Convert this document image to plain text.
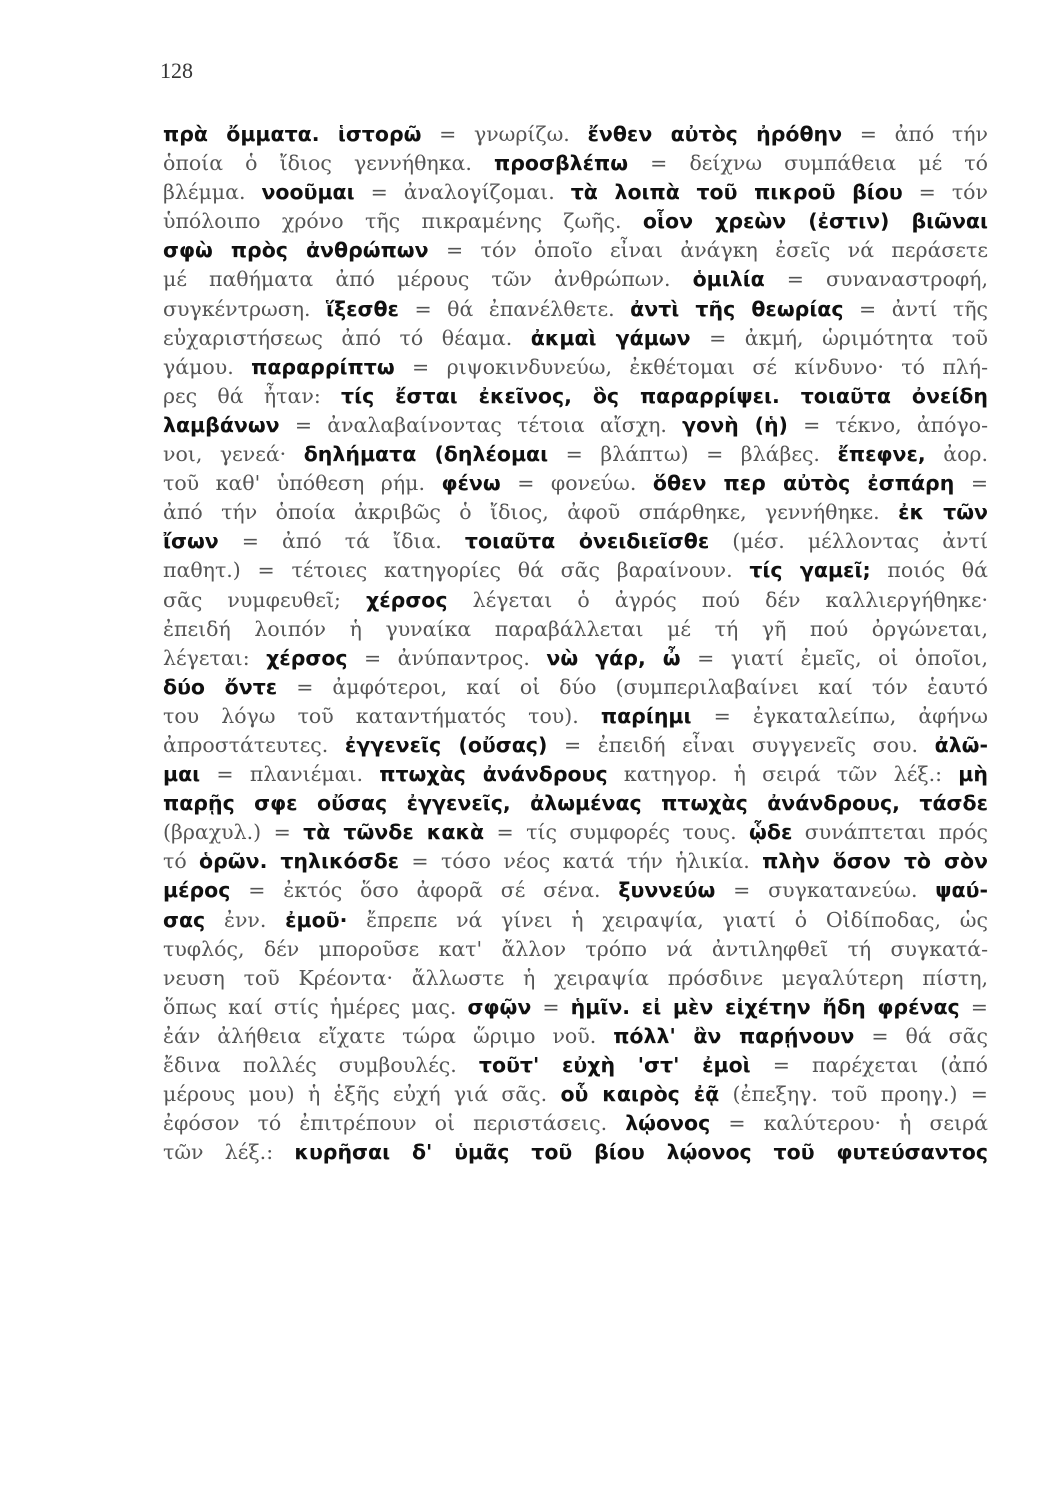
128
πρὰ ὄμματα. ἱστορῶ = γνωρίζω. ἔνθεν αὐτὸς ἠρόθην = ἀπό τήν
ὁποία ὁ ἴδιος γεννήθηκα. προσβλέπω = δείχνω συμπάθεια μέ τό
βλέμμα. νοοῦμαι = ἀναλογίζομαι. τὰ λοιπὰ τοῦ πικροῦ βίου = τόν
ὑπόλοιπο χρόνο τῆς πικραμένης ζωῆς. οἷον χρεὼν (ἐστιν) βιῶναι
σφὼ πρὸς ἀνθρώπων = τόν ὁποῖο εἶναι ἀνάγκη ἐσεῖς νά περάσετε
μέ παθήματα ἀπό μέρους τῶν ἀνθρώπων. ὁμιλία = συναναστροφή,
συγκέντρωση. ἵξεσθε = θά ἐπανέλθετε. ἀντὶ τῆς θεωρίας = ἀντί τῆς
εὐχαριστήσεως ἀπό τό θέαμα. ἀκμαὶ γάμων = ἀκμή, ὡριμότητα τοῦ
γάμου. παραρρίπτω = ριψοκινδυνεύω, ἐκθέτομαι σέ κίνδυνο· τό πλή-
ρες θά ἦταν: τίς ἔσται ἐκεῖνος, ὃς παραρρίψει. τοιαῦτα ὀνείδη
λαμβάνων = ἀναλαβαίνοντας τέτοια αἴσχη. γονὴ (ἡ) = τέκνο, ἀπόγο-
νοι, γενεά· δηλήματα (δηλέομαι = βλάπτω) = βλάβες. ἔπεφνε, ἀορ.
τοῦ καθ' ὑπόθεση ρήμ. φένω = φονεύω. ὅθεν περ αὐτὸς ἐσπάρη =
ἀπό τήν ὁποία ἀκριβῶς ὁ ἴδιος, ἀφοῦ σπάρθηκε, γεννήθηκε. ἐκ τῶν
ἴσων = ἀπό τά ἴδια. τοιαῦτα ὀνειδιεῖσθε (μέσ. μέλλοντας ἀντί
παθητ.) = τέτοιες κατηγορίες θά σᾶς βαραίνουν. τίς γαμεῖ; ποιός θά
σᾶς νυμφευθεῖ; χέρσος λέγεται ὁ ἀγρός πού δέν καλλιεργήθηκε·
ἐπειδή λοιπόν ἡ γυναίκα παραβάλλεται μέ τή γῆ πού ὀργώνεται,
λέγεται: χέρσος = ἀνύπαντρος. νὼ γάρ, ὦ = γιατί ἐμεῖς, οἱ ὁποῖοι,
δύο ὄντε = ἀμφότεροι, καί οἱ δύο (συμπεριλαβαίνει καί τόν ἑαυτό
του λόγω τοῦ καταντήματός του). παρίημι = ἐγκαταλείπω, ἀφήνω
ἀπροστάτευτες. ἐγγενεῖς (οὔσας) = ἐπειδή εἶναι συγγενεῖς σου. ἀλῶ-
μαι = πλανιέμαι. πτωχὰς ἀνάνδρους κατηγορ. ἡ σειρά τῶν λέξ.: μὴ
παρῇς σφε οὔσας ἐγγενεῖς, ἀλωμένας πτωχὰς ἀνάνδρους, τάσδε
(βραχυλ.) = τὰ τῶνδε κακὰ = τίς συμφορές τους. ᾧδε συνάπτεται πρός
τό ὁρῶν. τηλικόσδε = τόσο νέος κατά τήν ἡλικία. πλὴν ὅσον τὸ σὸν
μέρος = ἐκτός ὅσο ἀφορᾶ σέ σένα. ξυννεύω = συγκατανεύω. ψαύ-
σας ἐνν. ἐμοῦ· ἔπρεπε νά γίνει ἡ χειραψία, γιατί ὁ Οἰδίποδας, ὡς
τυφλός, δέν μποροῦσε κατ' ἄλλον τρόπο νά ἀντιληφθεῖ τή συγκατά-
νευση τοῦ Κρέοντα· ἄλλωστε ἡ χειραψία πρόσδινε μεγαλύτερη πίστη,
ὅπως καί στίς ἡμέρες μας. σφῷν = ἡμῖν. εἰ μὲν εἰχέτην ἤδη φρένας =
ἐάν ἀλήθεια εἴχατε τώρα ὥριμο νοῦ. πόλλ' ἂν παρῄνουν = θά σᾶς
ἔδινα πολλές συμβουλές. τοῦτ' εὐχὴ 'στ' ἐμοὶ = παρέχεται (ἀπό
μέρους μου) ἡ ἑξῆς εὐχή γιά σᾶς. οὗ καιρὸς ἐᾷ (ἐπεξηγ. τοῦ προηγ.) =
ἐφόσον τό ἐπιτρέπουν οἱ περιστάσεις. λῴονος = καλύτερου· ἡ σειρά
τῶν λέξ.: κυρῆσαι δ' ὑμᾶς τοῦ βίου λῴονος τοῦ φυτεύσαντος
